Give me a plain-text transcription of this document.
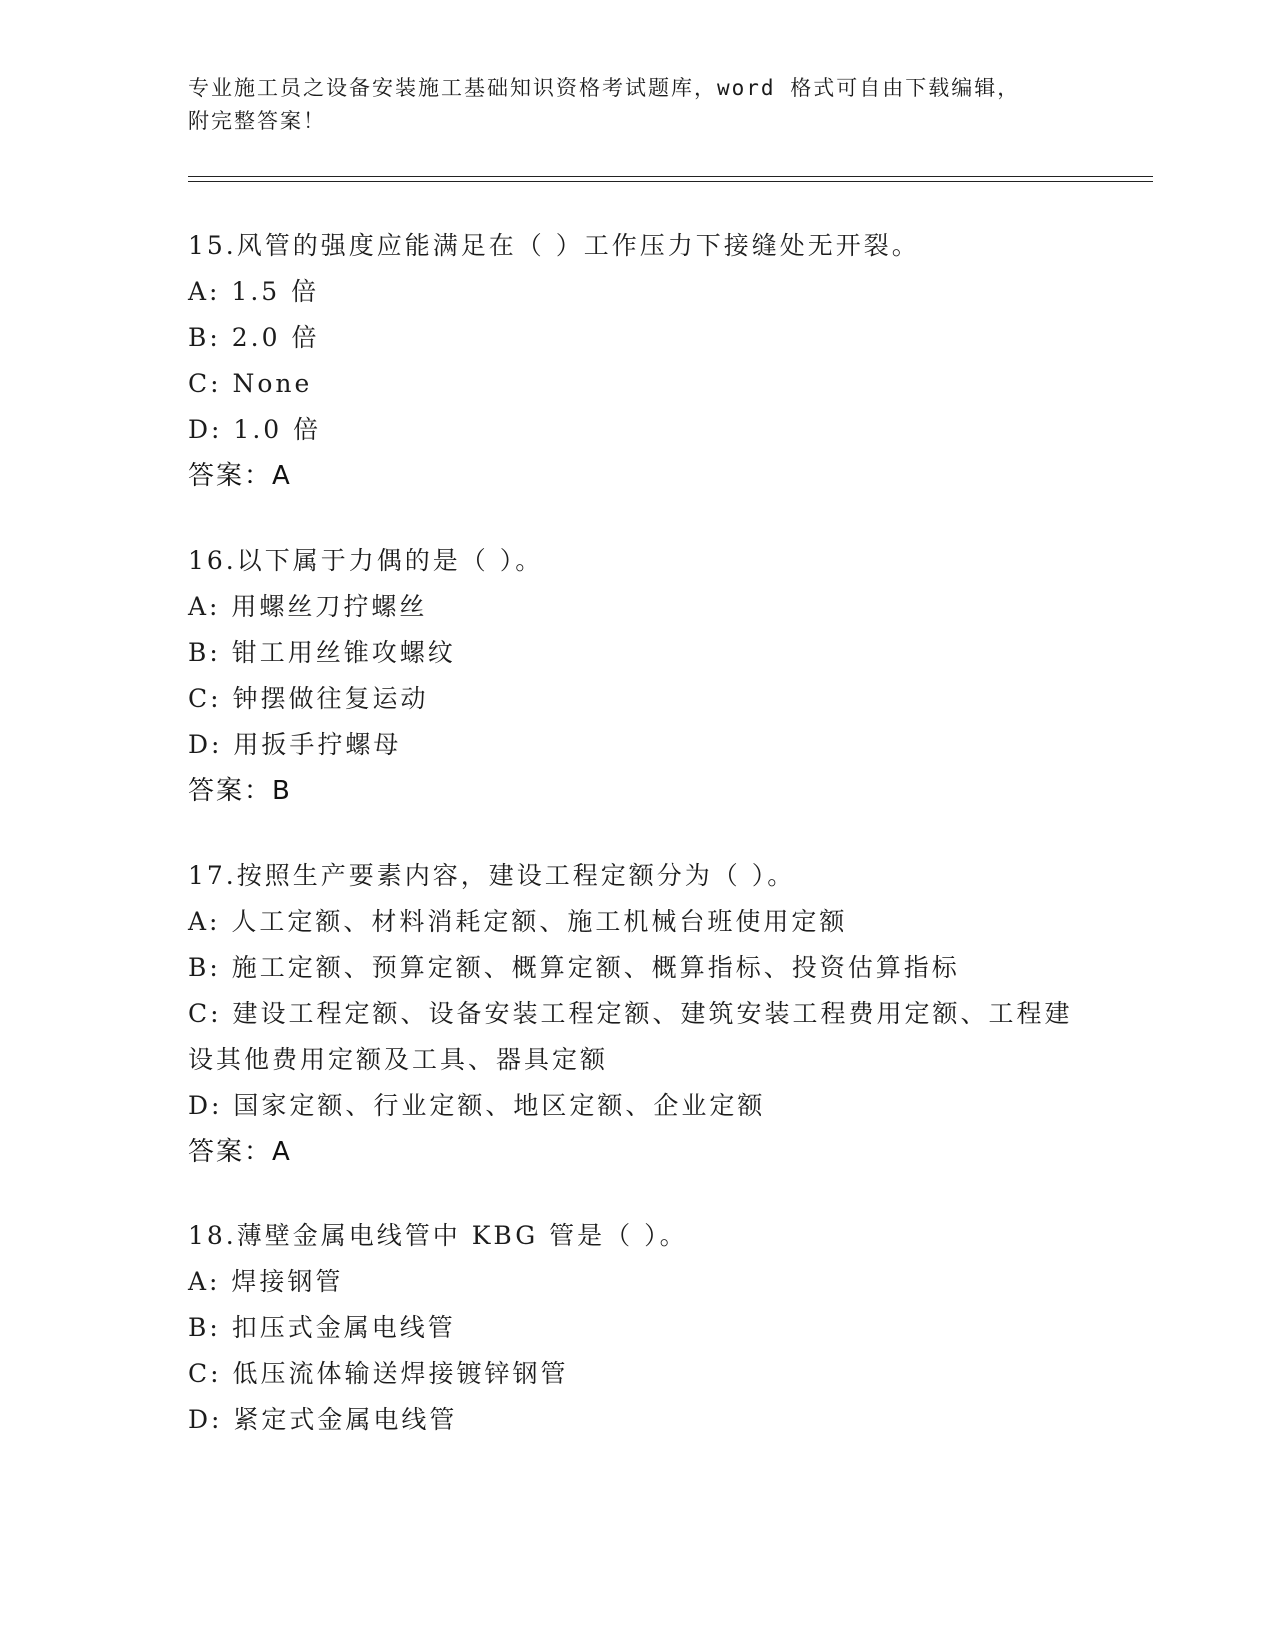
专业施工员之设备安装施工基础知识资格考试题库，word 格式可自由下载编辑，
附完整答案！
15.风管的强度应能满足在（ ）工作压力下接缝处无开裂。
A: 1.5 倍
B: 2.0 倍
C: None
D: 1.0 倍
答案：A
16.以下属于力偶的是（ ）。
A: 用螺丝刀拧螺丝
B: 钳工用丝锥攻螺纹
C: 钟摆做往复运动
D: 用扳手拧螺母
答案：B
17.按照生产要素内容，建设工程定额分为（ ）。
A: 人工定额、材料消耗定额、施工机械台班使用定额
B: 施工定额、预算定额、概算定额、概算指标、投资估算指标
C: 建设工程定额、设备安装工程定额、建筑安装工程费用定额、工程建设其他费用定额及工具、器具定额
D: 国家定额、行业定额、地区定额、企业定额
答案：A
18.薄壁金属电线管中 KBG 管是（ ）。
A: 焊接钢管
B: 扣压式金属电线管
C: 低压流体输送焊接镀锌钢管
D: 紧定式金属电线管
